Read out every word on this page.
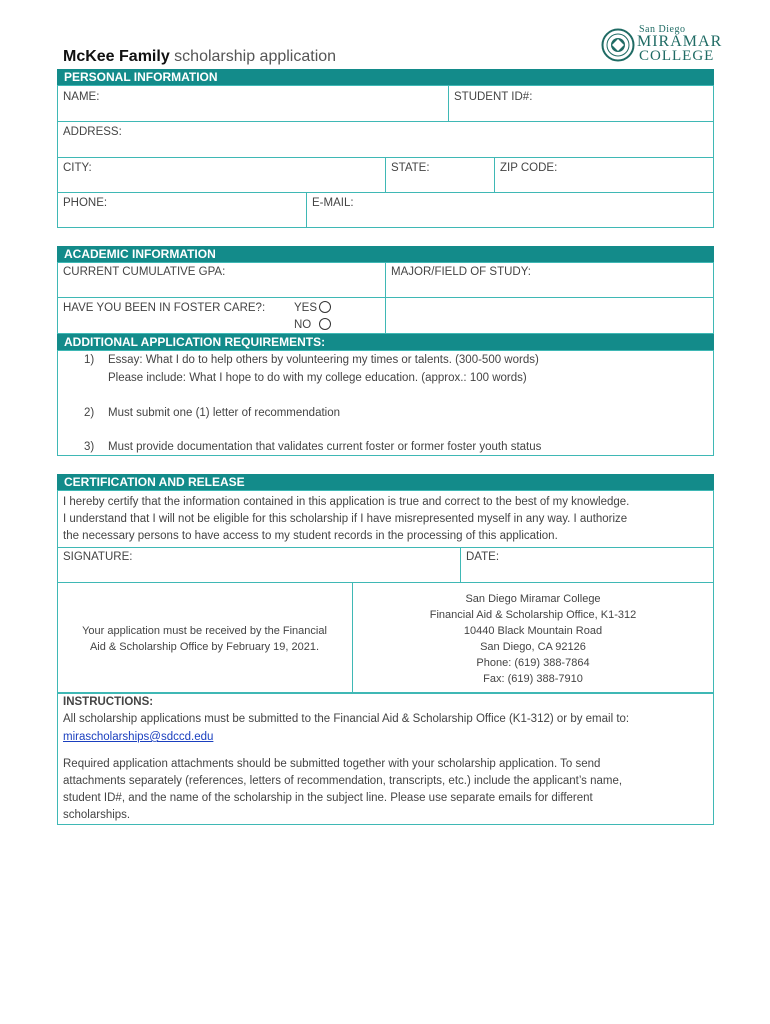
McKee Family scholarship application
San Diego
MIRAMAR
COLLEGE
PERSONAL INFORMATION
NAME:	STUDENT ID#:
ADDRESS:
CITY:	STATE:	ZIP CODE:
PHONE:	E-MAIL:
ACADEMIC INFORMATION
CURRENT CUMULATIVE GPA:	MAJOR/FIELD OF STUDY:
HAVE YOU BEEN IN FOSTER CARE?:	YES
NO
ADDITIONAL APPLICATION REQUIREMENTS:
1) Essay: What I do to help others by volunteering my times or talents. (300-500 words)
Please include: What I hope to do with my college education. (approx.: 100 words)
2) Must submit one (1) letter of recommendation
3) Must provide documentation that validates current foster or former foster youth status
CERTIFICATION AND RELEASE
I hereby certify that the information contained in this application is true and correct to the best of my knowledge.
I understand that I will not be eligible for this scholarship if I have misrepresented myself in any way. I authorize
the necessary persons to have access to my student records in the processing of this application.
SIGNATURE:	DATE:
Your application must be received by the Financial
Aid & Scholarship Office by February 19, 2021.
San Diego Miramar College
Financial Aid & Scholarship Office, K1-312
10440 Black Mountain Road
San Diego, CA 92126
Phone: (619) 388-7864
Fax: (619) 388-7910
INSTRUCTIONS:
All scholarship applications must be submitted to the Financial Aid & Scholarship Office (K1-312) or by email to:
mirascholarships@sdccd.edu
Required application attachments should be submitted together with your scholarship application. To send
attachments separately (references, letters of recommendation, transcripts, etc.) include the applicant’s name,
student ID#, and the name of the scholarship in the subject line. Please use separate emails for different
scholarships.
